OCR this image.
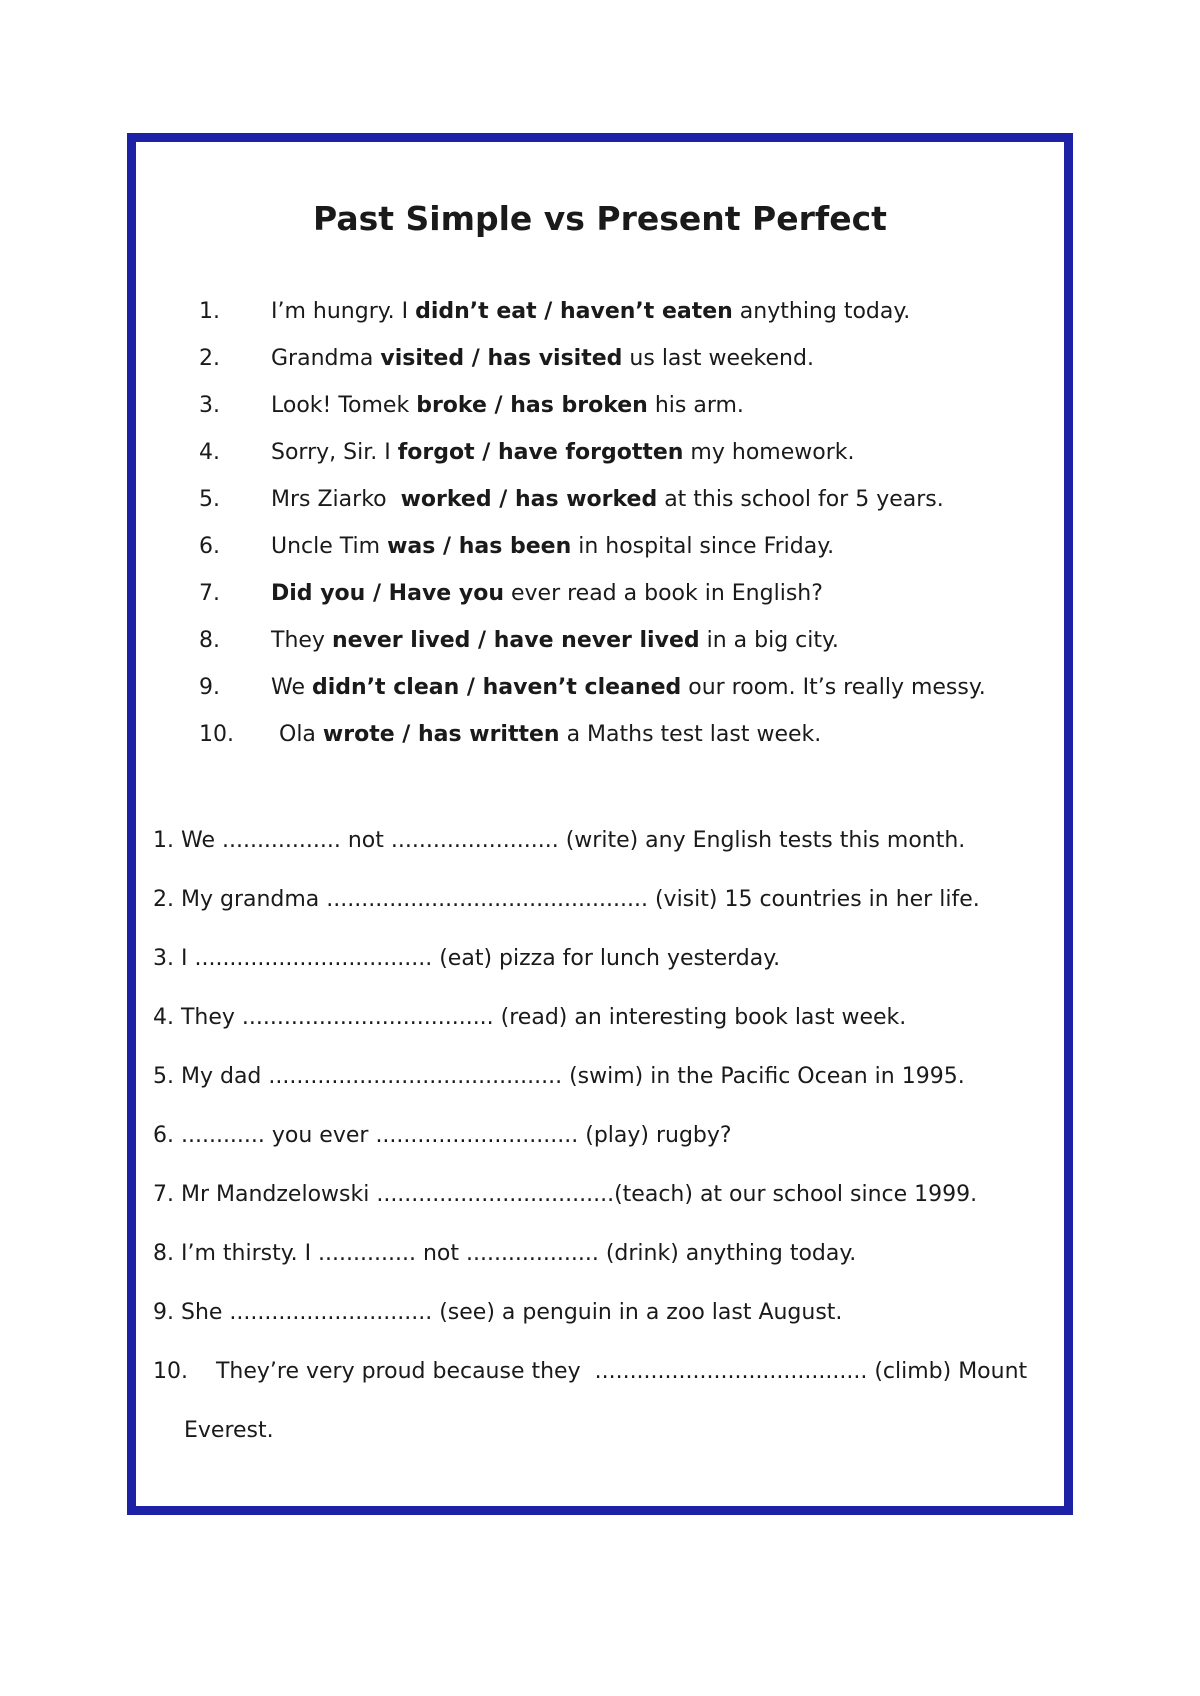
Past Simple vs Present Perfect
1. I’m hungry. I didn’t eat / haven’t eaten anything today.
2. Grandma visited / has visited us last weekend.
3. Look! Tomek broke / has broken his arm.
4. Sorry, Sir. I forgot / have forgotten my homework.
5. Mrs Ziarko  worked / has worked at this school for 5 years.
6. Uncle Tim was / has been in hospital since Friday.
7. Did you / Have you ever read a book in English?
8. They never lived / have never lived in a big city.
9. We didn’t clean / haven’t cleaned our room. It’s really messy.
10. Ola wrote / has written a Maths test last week.
1. We ................. not ........................ (write) any English tests this month.
2. My grandma .............................................. (visit) 15 countries in her life.
3. I .................................. (eat) pizza for lunch yesterday.
4. They .................................... (read) an interesting book last week.
5. My dad .......................................... (swim) in the Pacific Ocean in 1995.
6. ............ you ever ............................. (play) rugby?
7. Mr Mandzelowski ..................................(teach) at our school since 1999.
8. I’m thirsty. I .............. not ................... (drink) anything today.
9. She ............................. (see) a penguin in a zoo last August.
10.    They’re very proud because they  ....................................... (climb) Mount
Everest.
